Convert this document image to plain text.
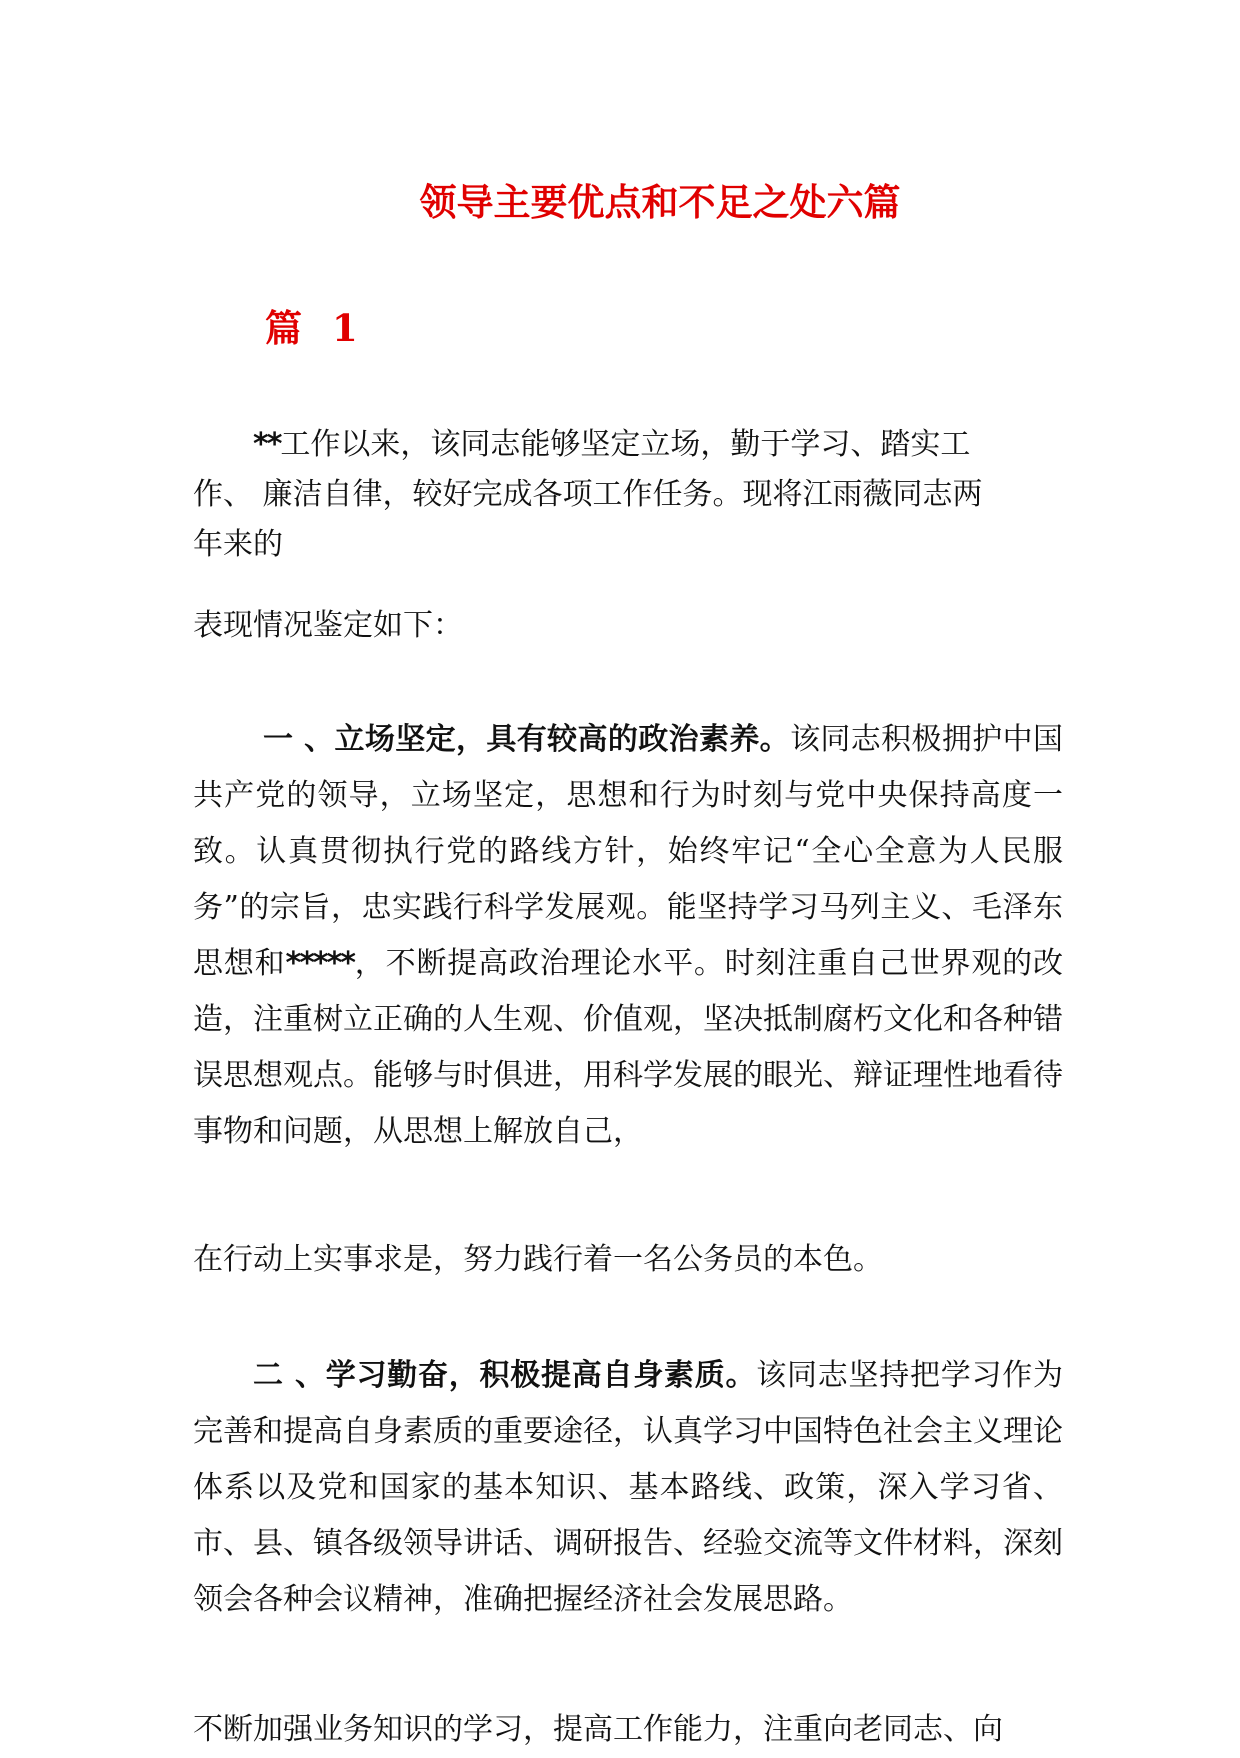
领导主要优点和不足之处六篇
篇 1
**工作以来，该同志能够坚定立场，勤于学习、踏实工
作、 廉洁自律，较好完成各项工作任务。现将江雨薇同志两
年来的
表现情况鉴定如下：
一 、立场坚定，具有较高的政治素养。该同志积极拥护中国共产党的领导，立场坚定，思想和行为时刻与党中央保持高度一致。认真贯彻执行党的路线方针，始终牢记“全心全意为人民服务”的宗旨，忠实践行科学发展观。能坚持学习马列主义、毛泽东思想和*****，不断提高政治理论水平。时刻注重自己世界观的改造，注重树立正确的人生观、价值观，坚决抵制腐朽文化和各种错误思想观点。能够与时俱进，用科学发展的眼光、辩证理性地看待事物和问题，从思想上解放自己，
在行动上实事求是，努力践行着一名公务员的本色。
二 、学习勤奋，积极提高自身素质。该同志坚持把学习作为完善和提高自身素质的重要途径，认真学习中国特色社会主义理论体系以及党和国家的基本知识、基本路线、政策，深入学习省、市、县、镇各级领导讲话、调研报告、经验交流等文件材料，深刻领会各种会议精神，准确把握经济社会发展思路。
不断加强业务知识的学习，提高工作能力，注重向老同志、向
